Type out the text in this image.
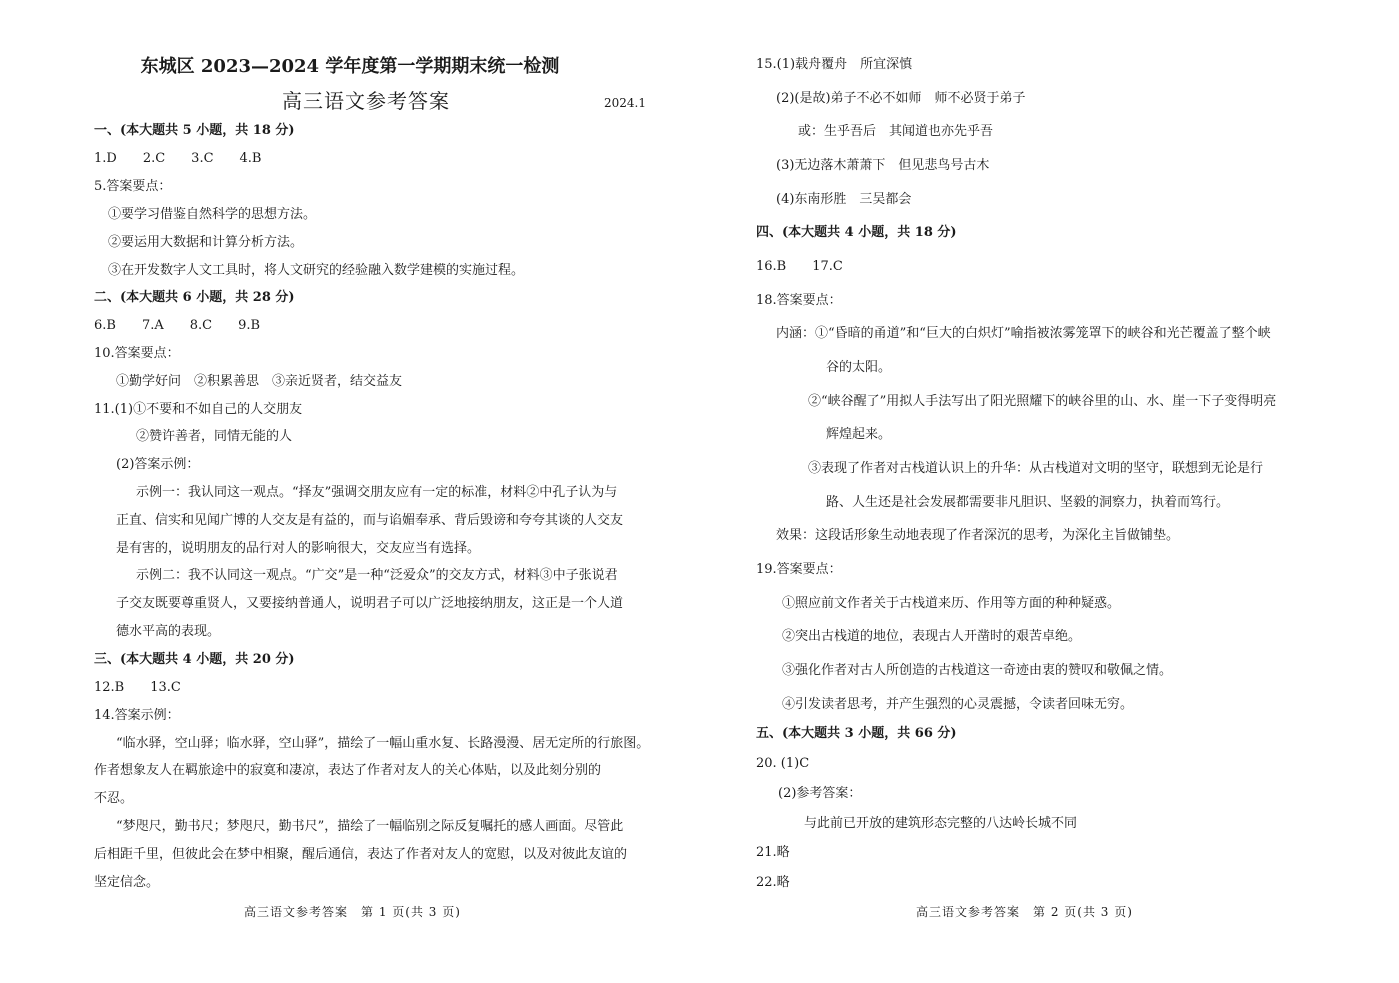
东城区 2023—2024 学年度第一学期期末统一检测
高三语文参考答案	2024.1
一、(本大题共 5 小题，共 18 分)
1.D　　2.C　　3.C　　4.B
5.答案要点：
①要学习借鉴自然科学的思想方法。
②要运用大数据和计算分析方法。
③在开发数字人文工具时，将人文研究的经验融入数学建模的实施过程。
二、(本大题共 6 小题，共 28 分)
6.B　　7.A　　8.C　　9.B
10.答案要点：
①勤学好问　②积累善思　③亲近贤者，结交益友
11.(1)①不要和不如自己的人交朋友
②赞许善者，同情无能的人
(2)答案示例：
示例一：我认同这一观点。“择友”强调交朋友应有一定的标准，材料②中孔子认为与
正直、信实和见闻广博的人交友是有益的，而与谄媚奉承、背后毁谤和夸夸其谈的人交友
是有害的，说明朋友的品行对人的影响很大，交友应当有选择。
示例二：我不认同这一观点。“广交”是一种“泛爱众”的交友方式，材料③中子张说君
子交友既要尊重贤人，又要接纳普通人，说明君子可以广泛地接纳朋友，这正是一个人道
德水平高的表现。
三、(本大题共 4 小题，共 20 分)
12.B　　13.C
14.答案示例：
“临水驿，空山驿；临水驿，空山驿”，描绘了一幅山重水复、长路漫漫、居无定所的行旅图。
作者想象友人在羁旅途中的寂寞和凄凉，表达了作者对友人的关心体贴，以及此刻分别的
不忍。
“梦咫尺，勤书尺；梦咫尺，勤书尺”，描绘了一幅临别之际反复嘱托的感人画面。尽管此
后相距千里，但彼此会在梦中相聚，醒后通信，表达了作者对友人的宽慰，以及对彼此友谊的
坚定信念。
高三语文参考答案　第 1 页(共 3 页)
15.(1)载舟覆舟　所宜深慎
(2)(是故)弟子不必不如师　师不必贤于弟子
或：生乎吾后　其闻道也亦先乎吾
(3)无边落木萧萧下　但见悲鸟号古木
(4)东南形胜　三吴都会
四、(本大题共 4 小题，共 18 分)
16.B　　17.C
18.答案要点：
内涵：①“昏暗的甬道”和“巨大的白炽灯”喻指被浓雾笼罩下的峡谷和光芒覆盖了整个峡
谷的太阳。
②“峡谷醒了”用拟人手法写出了阳光照耀下的峡谷里的山、水、崖一下子变得明亮
辉煌起来。
③表现了作者对古栈道认识上的升华：从古栈道对文明的坚守，联想到无论是行
路、人生还是社会发展都需要非凡胆识、坚毅的洞察力，执着而笃行。
效果：这段话形象生动地表现了作者深沉的思考，为深化主旨做铺垫。
19.答案要点：
①照应前文作者关于古栈道来历、作用等方面的种种疑惑。
②突出古栈道的地位，表现古人开凿时的艰苦卓绝。
③强化作者对古人所创造的古栈道这一奇迹由衷的赞叹和敬佩之情。
④引发读者思考，并产生强烈的心灵震撼，令读者回味无穷。
五、(本大题共 3 小题，共 66 分)
20. (1)C
(2)参考答案：
与此前已开放的建筑形态完整的八达岭长城不同
21.略
22.略
高三语文参考答案　第 2 页(共 3 页)
